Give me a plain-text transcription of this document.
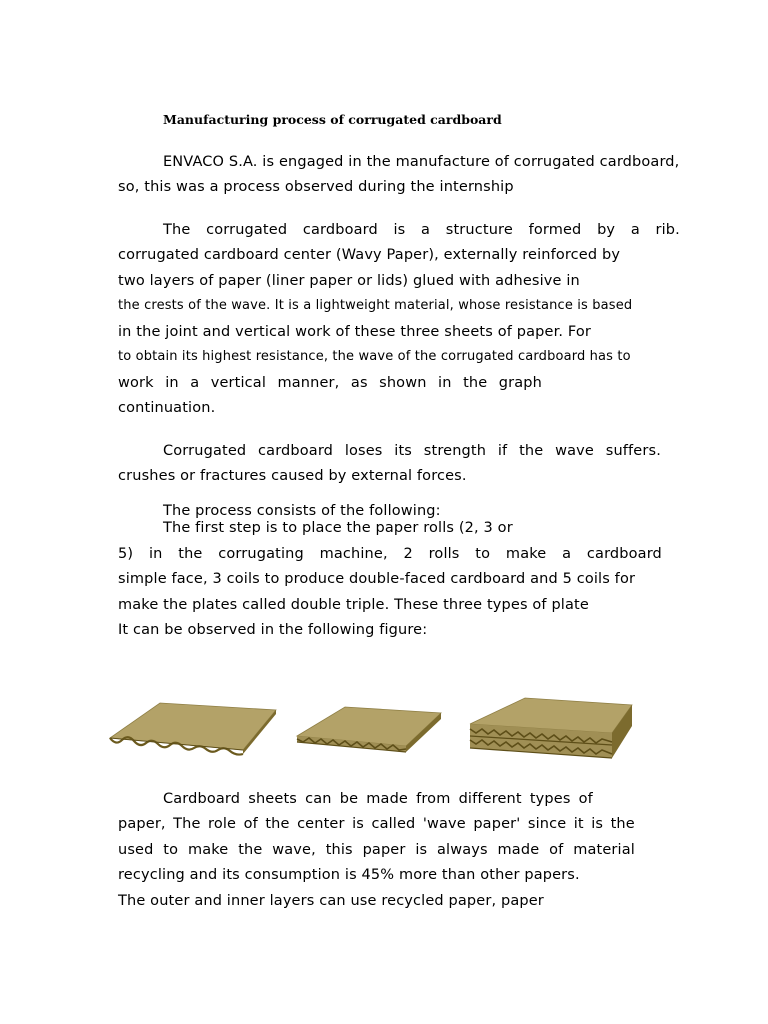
Manufacturing process of corrugated cardboard
ENVACO S.A. is engaged in the manufacture of corrugated cardboard,
so, this was a process observed during the internship
The corrugated cardboard is a structure formed by a rib.
corrugated cardboard center (Wavy Paper), externally reinforced by
two layers of paper (liner paper or lids) glued with adhesive in
the crests of the wave. It is a lightweight material, whose resistance is based
in the joint and vertical work of these three sheets of paper. For
to obtain its highest resistance, the wave of the corrugated cardboard has to
work in a vertical manner, as shown in the graph
continuation.
Corrugated cardboard loses its strength if the wave suffers.
crushes or fractures caused by external forces.
The process consists of the following:
The first step is to place the paper rolls (2, 3 or
5) in the corrugating machine, 2 rolls to make a cardboard
simple face, 3 coils to produce double-faced cardboard and 5 coils for
make the plates called double triple. These three types of plate
It can be observed in the following figure:
Cardboard sheets can be made from different types of
paper, The role of the center is called 'wave paper' since it is the
used to make the wave, this paper is always made of material
recycling and its consumption is 45% more than other papers.
The outer and inner layers can use recycled paper, paper
